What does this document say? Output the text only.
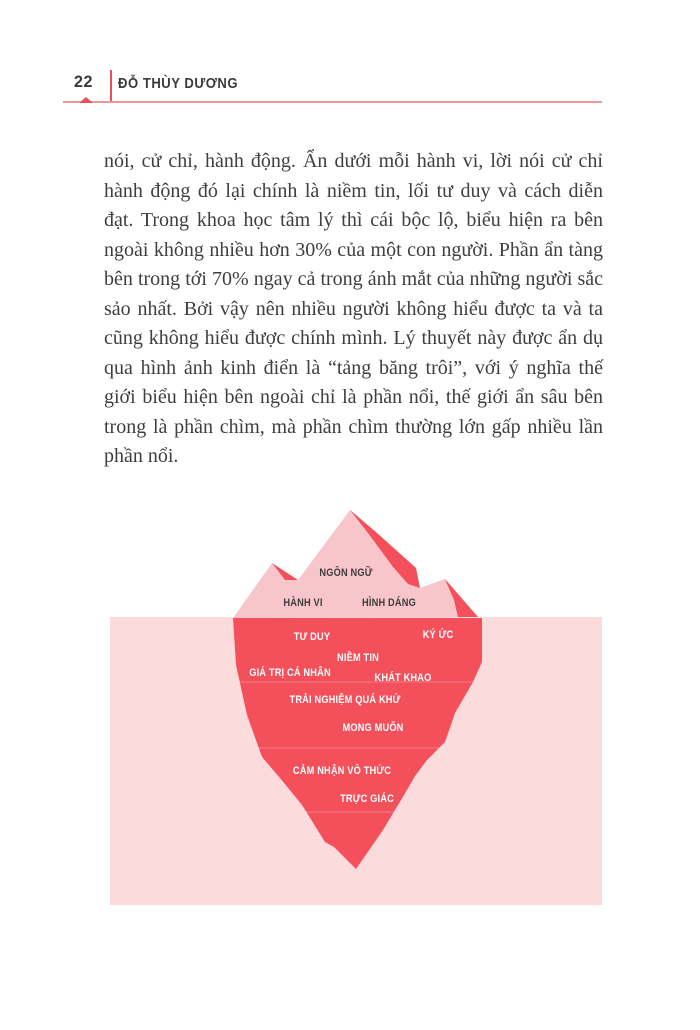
22 ĐỖ THÙY DƯƠNG

nói, cử chỉ, hành động. Ẩn dưới mỗi hành vi, lời nói cử chỉ hành động đó lại chính là niềm tin, lối tư duy và cách diễn đạt. Trong khoa học tâm lý thì cái bộc lộ, biểu hiện ra bên ngoài không nhiều hơn 30% của một con người. Phần ẩn tàng bên trong tới 70% ngay cả trong ánh mắt của những người sắc sảo nhất. Bởi vậy nên nhiều người không hiểu được ta và ta cũng không hiểu được chính mình. Lý thuyết này được ẩn dụ qua hình ảnh kinh điển là “tảng băng trôi”, với ý nghĩa thế giới biểu hiện bên ngoài chỉ là phần nổi, thế giới ẩn sâu bên trong là phần chìm, mà phần chìm thường lớn gấp nhiều lần phần nổi.

NGÔN NGỮ
HÀNH VI	HÌNH DÁNG
TƯ DUY	KÝ ỨC
NIỀM TIN
GIÁ TRỊ CÁ NHÂN	KHÁT KHAO
TRẢI NGHIỆM QUÁ KHỨ
MONG MUỐN
CẢM NHẬN VÔ THỨC
TRỰC GIÁC
